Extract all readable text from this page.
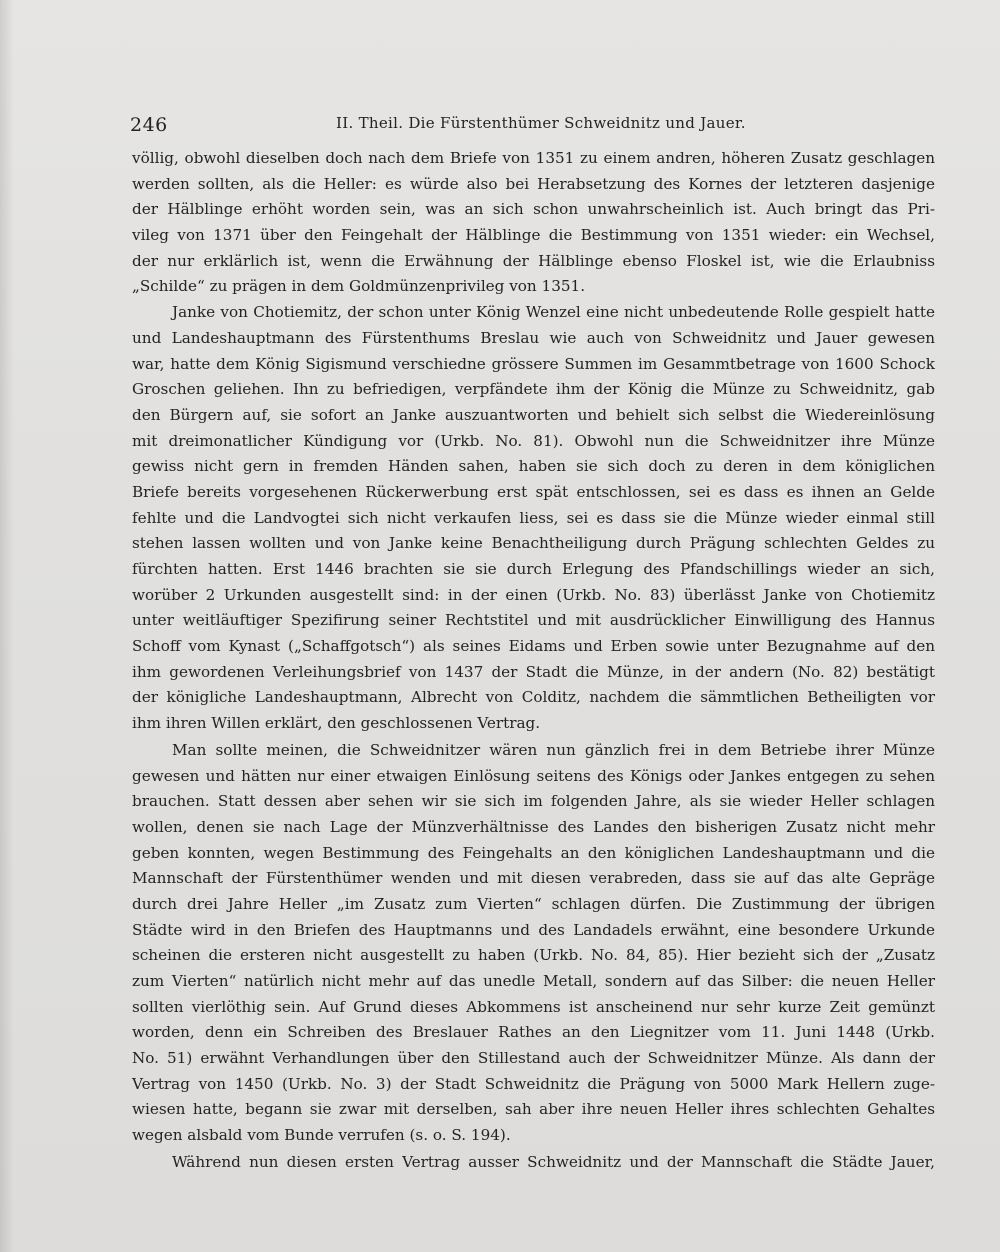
246	II. Theil. Die Fürstenthümer Schweidnitz und Jauer.
völlig, obwohl dieselben doch nach dem Briefe von 1351 zu einem andren, höheren Zusatz geschlagen
werden sollten, als die Heller: es würde also bei Herabsetzung des Kornes der letzteren dasjenige
der Hälblinge erhöht worden sein, was an sich schon unwahrscheinlich ist. Auch bringt das Pri-
vileg von 1371 über den Feingehalt der Hälblinge die Bestimmung von 1351 wieder: ein Wechsel,
der nur erklärlich ist, wenn die Erwähnung der Hälblinge ebenso Floskel ist, wie die Erlaubniss
„Schilde“ zu prägen in dem Goldmünzenprivileg von 1351.
Janke von Chotiemitz, der schon unter König Wenzel eine nicht unbedeutende Rolle gespielt hatte
und Landeshauptmann des Fürstenthums Breslau wie auch von Schweidnitz und Jauer gewesen
war, hatte dem König Sigismund verschiedne grössere Summen im Gesammtbetrage von 1600 Schock
Groschen geliehen. Ihn zu befriedigen, verpfändete ihm der König die Münze zu Schweidnitz, gab
den Bürgern auf, sie sofort an Janke auszuantworten und behielt sich selbst die Wiedereinlösung
mit dreimonatlicher Kündigung vor (Urkb. No. 81). Obwohl nun die Schweidnitzer ihre Münze
gewiss nicht gern in fremden Händen sahen, haben sie sich doch zu deren in dem königlichen
Briefe bereits vorgesehenen Rückerwerbung erst spät entschlossen, sei es dass es ihnen an Gelde
fehlte und die Landvogtei sich nicht verkaufen liess, sei es dass sie die Münze wieder einmal still
stehen lassen wollten und von Janke keine Benachtheiligung durch Prägung schlechten Geldes zu
fürchten hatten. Erst 1446 brachten sie sie durch Erlegung des Pfandschillings wieder an sich,
worüber 2 Urkunden ausgestellt sind: in der einen (Urkb. No. 83) überlässt Janke von Chotiemitz
unter weitläuftiger Spezifirung seiner Rechtstitel und mit ausdrücklicher Einwilligung des Hannus
Schoff vom Kynast („Schaffgotsch“) als seines Eidams und Erben sowie unter Bezugnahme auf den
ihm gewordenen Verleihungsbrief von 1437 der Stadt die Münze, in der andern (No. 82) bestätigt
der königliche Landeshauptmann, Albrecht von Colditz, nachdem die sämmtlichen Betheiligten vor
ihm ihren Willen erklärt, den geschlossenen Vertrag.
Man sollte meinen, die Schweidnitzer wären nun gänzlich frei in dem Betriebe ihrer Münze
gewesen und hätten nur einer etwaigen Einlösung seitens des Königs oder Jankes entgegen zu sehen
brauchen. Statt dessen aber sehen wir sie sich im folgenden Jahre, als sie wieder Heller schlagen
wollen, denen sie nach Lage der Münzverhältnisse des Landes den bisherigen Zusatz nicht mehr
geben konnten, wegen Bestimmung des Feingehalts an den königlichen Landeshauptmann und die
Mannschaft der Fürstenthümer wenden und mit diesen verabreden, dass sie auf das alte Gepräge
durch drei Jahre Heller „im Zusatz zum Vierten“ schlagen dürfen. Die Zustimmung der übrigen
Städte wird in den Briefen des Hauptmanns und des Landadels erwähnt, eine besondere Urkunde
scheinen die ersteren nicht ausgestellt zu haben (Urkb. No. 84, 85). Hier bezieht sich der „Zusatz
zum Vierten“ natürlich nicht mehr auf das unedle Metall, sondern auf das Silber: die neuen Heller
sollten vierlöthig sein. Auf Grund dieses Abkommens ist anscheinend nur sehr kurze Zeit gemünzt
worden, denn ein Schreiben des Breslauer Rathes an den Liegnitzer vom 11. Juni 1448 (Urkb.
No. 51) erwähnt Verhandlungen über den Stillestand auch der Schweidnitzer Münze. Als dann der
Vertrag von 1450 (Urkb. No. 3) der Stadt Schweidnitz die Prägung von 5000 Mark Hellern zuge-
wiesen hatte, begann sie zwar mit derselben, sah aber ihre neuen Heller ihres schlechten Gehaltes
wegen alsbald vom Bunde verrufen (s. o. S. 194).
Während nun diesen ersten Vertrag ausser Schweidnitz und der Mannschaft die Städte Jauer,
